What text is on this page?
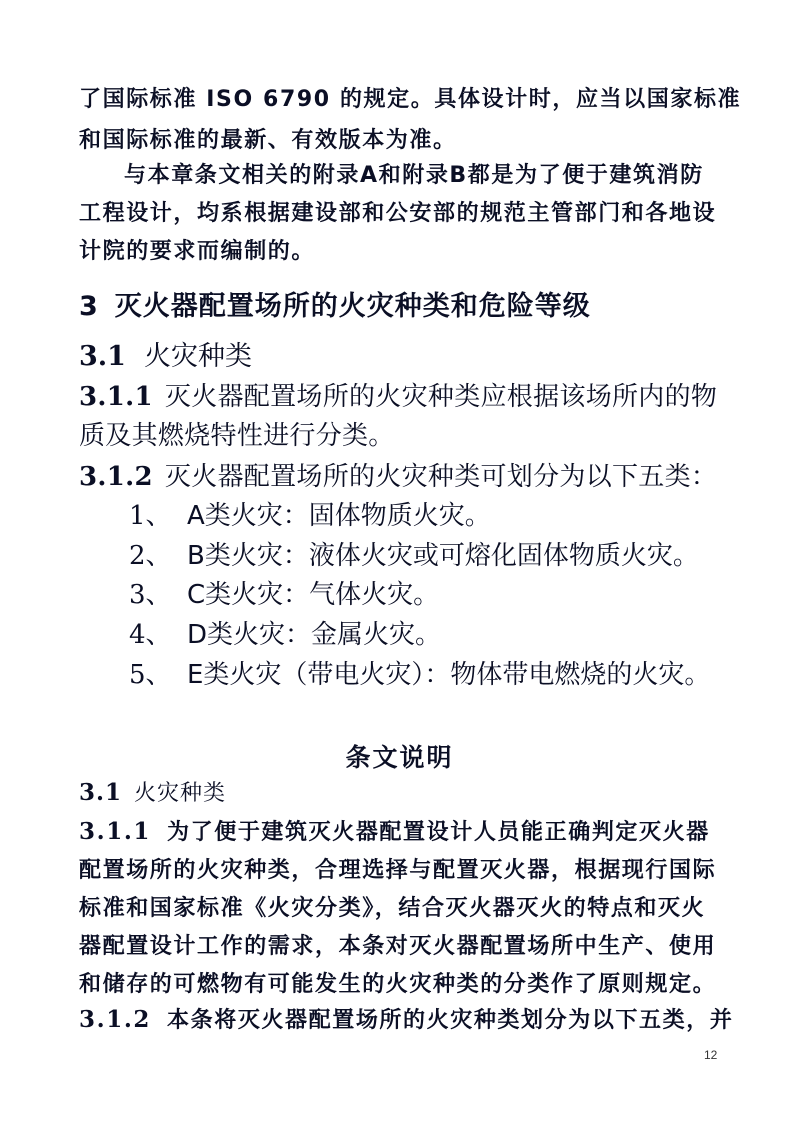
了国际标准 ISO 6790 的规定。具体设计时，应当以国家标准
和国际标准的最新、有效版本为准。
与本章条文相关的附录A和附录B都是为了便于建筑消防
工程设计，均系根据建设部和公安部的规范主管部门和各地设
计院的要求而编制的。
3 灭火器配置场所的火灾种类和危险等级
3.1 火灾种类
3.1.1 灭火器配置场所的火灾种类应根据该场所内的物
质及其燃烧特性进行分类。
3.1.2 灭火器配置场所的火灾种类可划分为以下五类：
1、 A类火灾：固体物质火灾。
2、 B类火灾：液体火灾或可熔化固体物质火灾。
3、 C类火灾：气体火灾。
4、 D类火灾：金属火灾。
5、 E类火灾（带电火灾）：物体带电燃烧的火灾。
条文说明
3.1 火灾种类
3.1.1 为了便于建筑灭火器配置设计人员能正确判定灭火器
配置场所的火灾种类，合理选择与配置灭火器，根据现行国际
标准和国家标准《火灾分类》，结合灭火器灭火的特点和灭火
器配置设计工作的需求，本条对灭火器配置场所中生产、使用
和储存的可燃物有可能发生的火灾种类的分类作了原则规定。
3.1.2 本条将灭火器配置场所的火灾种类划分为以下五类，并
12
